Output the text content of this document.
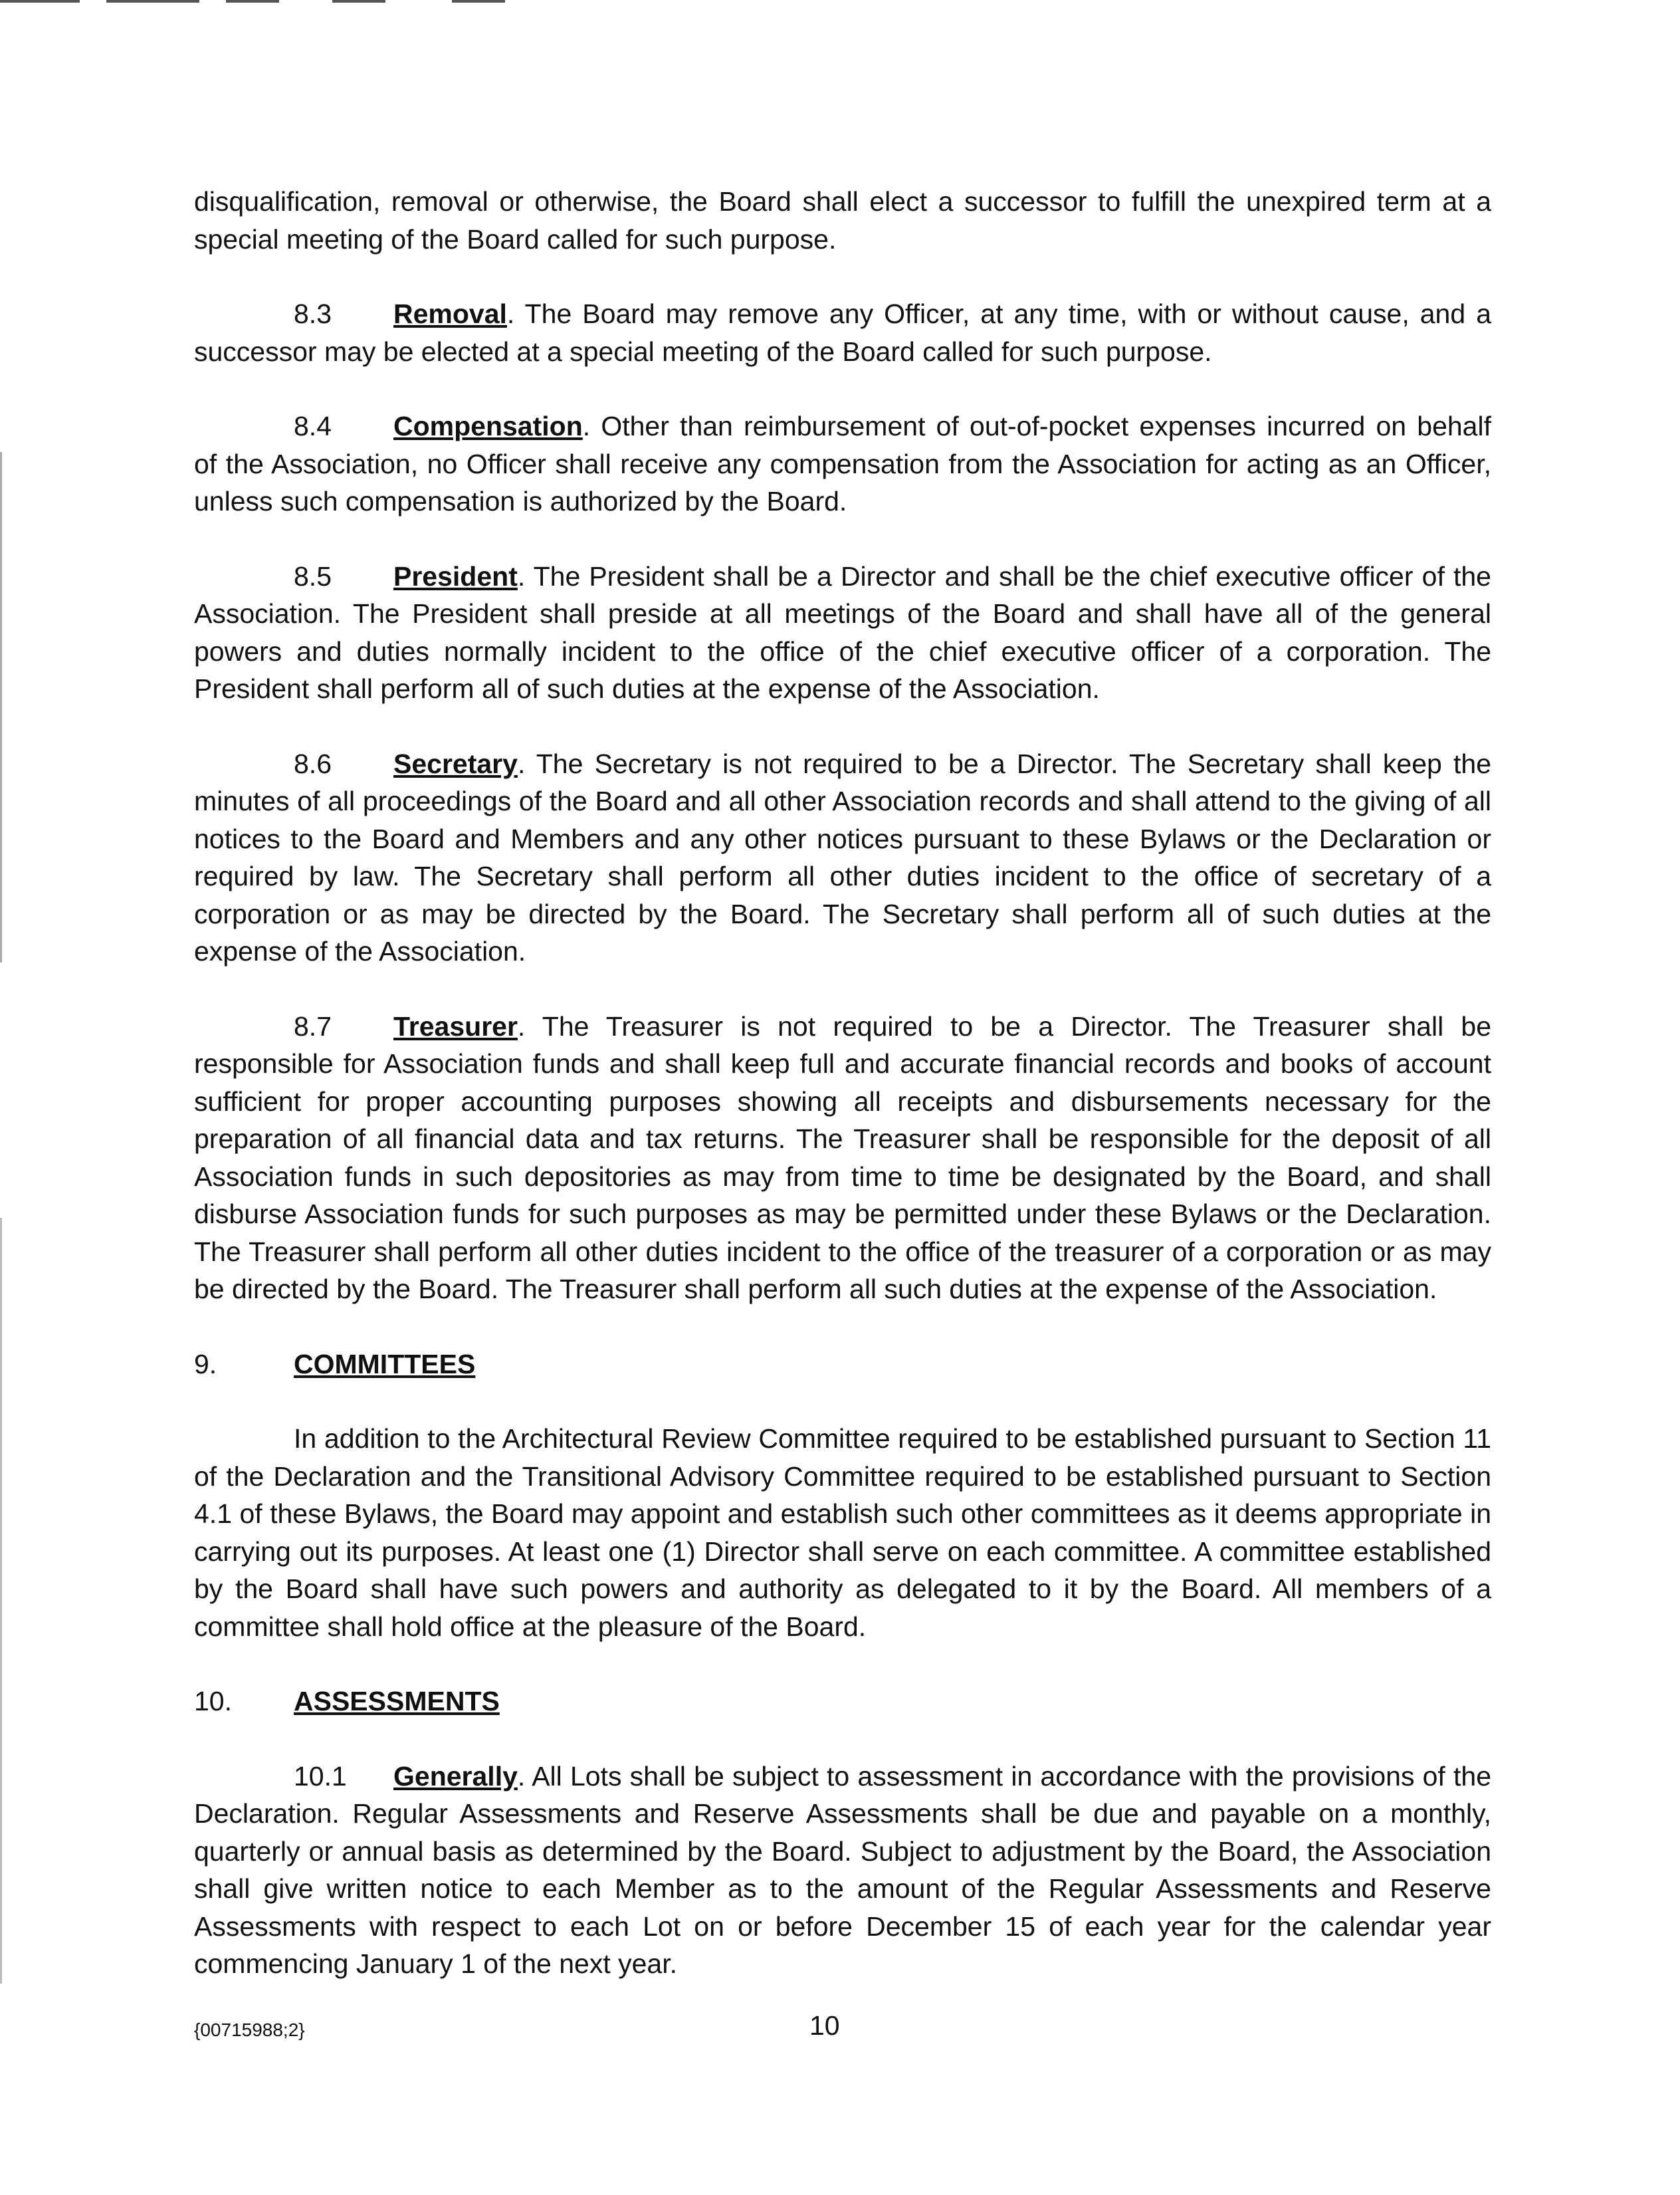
disqualification, removal or otherwise, the Board shall elect a successor to fulfill the unexpired term at a special meeting of the Board called for such purpose.

8.3 Removal. The Board may remove any Officer, at any time, with or without cause, and a successor may be elected at a special meeting of the Board called for such purpose.

8.4 Compensation. Other than reimbursement of out-of-pocket expenses incurred on behalf of the Association, no Officer shall receive any compensation from the Association for acting as an Officer, unless such compensation is authorized by the Board.

8.5 President. The President shall be a Director and shall be the chief executive officer of the Association. The President shall preside at all meetings of the Board and shall have all of the general powers and duties normally incident to the office of the chief executive officer of a corporation. The President shall perform all of such duties at the expense of the Association.

8.6 Secretary. The Secretary is not required to be a Director. The Secretary shall keep the minutes of all proceedings of the Board and all other Association records and shall attend to the giving of all notices to the Board and Members and any other notices pursuant to these Bylaws or the Declaration or required by law. The Secretary shall perform all other duties incident to the office of secretary of a corporation or as may be directed by the Board. The Secretary shall perform all of such duties at the expense of the Association.

8.7 Treasurer. The Treasurer is not required to be a Director. The Treasurer shall be responsible for Association funds and shall keep full and accurate financial records and books of account sufficient for proper accounting purposes showing all receipts and disbursements necessary for the preparation of all financial data and tax returns. The Treasurer shall be responsible for the deposit of all Association funds in such depositories as may from time to time be designated by the Board, and shall disburse Association funds for such purposes as may be permitted under these Bylaws or the Declaration. The Treasurer shall perform all other duties incident to the office of the treasurer of a corporation or as may be directed by the Board. The Treasurer shall perform all such duties at the expense of the Association.

9.	COMMITTEES

In addition to the Architectural Review Committee required to be established pursuant to Section 11 of the Declaration and the Transitional Advisory Committee required to be established pursuant to Section 4.1 of these Bylaws, the Board may appoint and establish such other committees as it deems appropriate in carrying out its purposes. At least one (1) Director shall serve on each committee. A committee established by the Board shall have such powers and authority as delegated to it by the Board. All members of a committee shall hold office at the pleasure of the Board.

10.	ASSESSMENTS

10.1 Generally. All Lots shall be subject to assessment in accordance with the provisions of the Declaration. Regular Assessments and Reserve Assessments shall be due and payable on a monthly, quarterly or annual basis as determined by the Board. Subject to adjustment by the Board, the Association shall give written notice to each Member as to the amount of the Regular Assessments and Reserve Assessments with respect to each Lot on or before December 15 of each year for the calendar year commencing January 1 of the next year.

{00715988;2}	10
